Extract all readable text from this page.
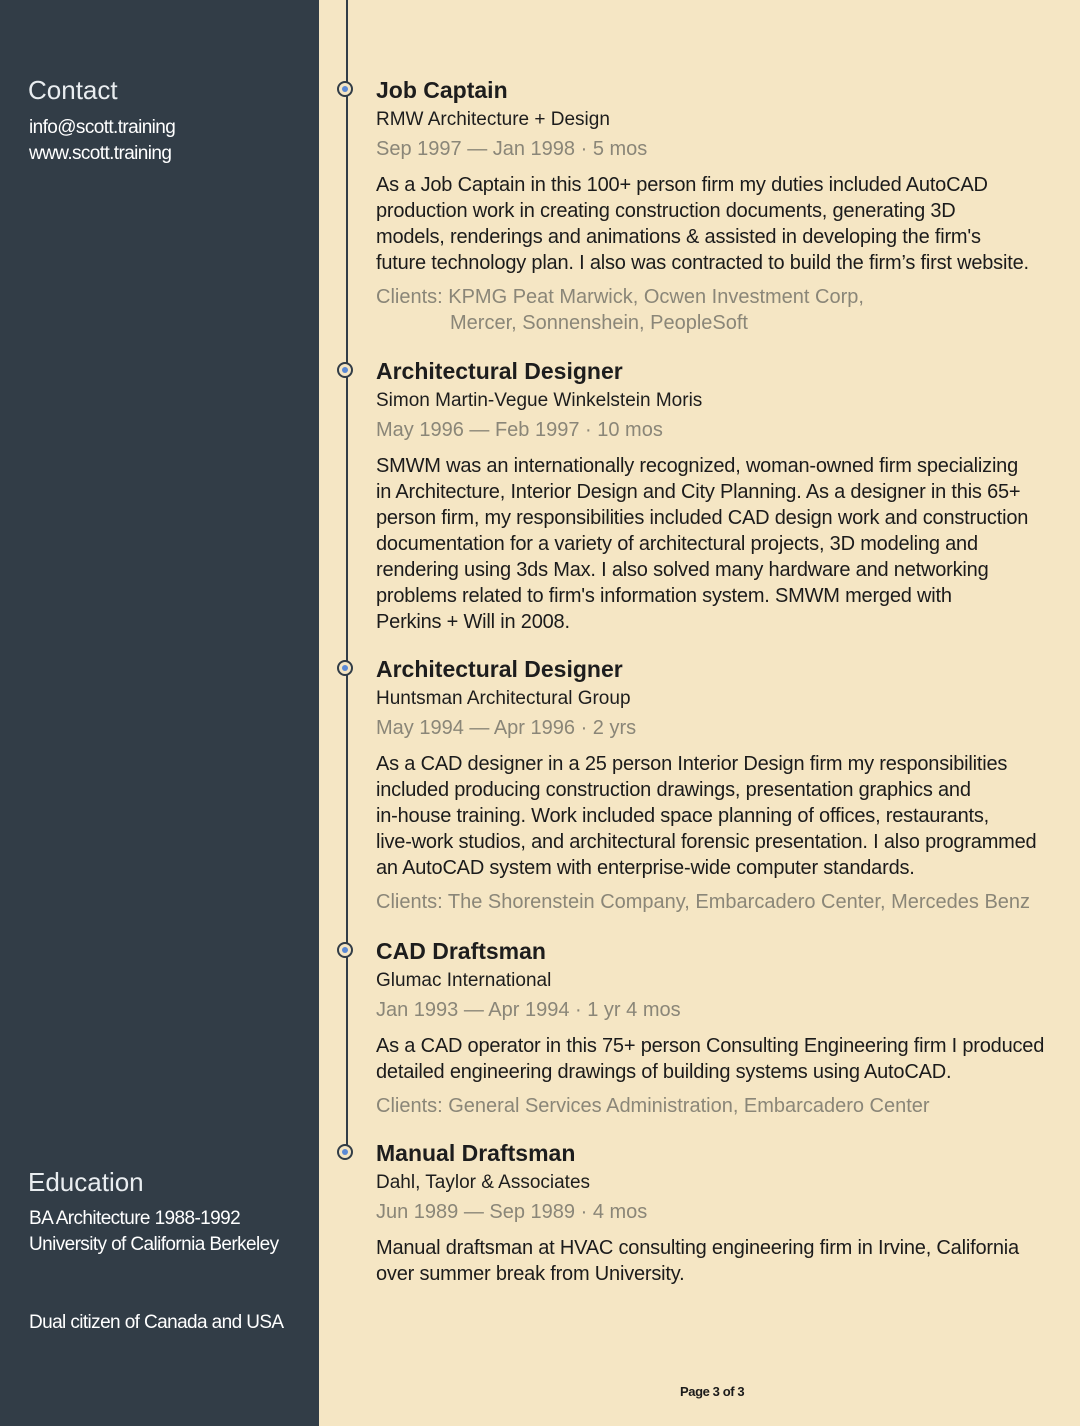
Contact
info@scott.training
www.scott.training
Education
BA Architecture 1988-1992
University of California Berkeley
Dual citizen of Canada and USA
Job Captain
RMW Architecture + Design
Sep 1997 — Jan 1998 · 5 mos
As a Job Captain in this 100+ person firm my duties included AutoCAD
production work in creating construction documents, generating 3D
models, renderings and animations & assisted in developing the firm's
future technology plan. I also was contracted to build the firm’s first website.
Clients: KPMG Peat Marwick, Ocwen Investment Corp,
Mercer, Sonnenshein, PeopleSoft
Architectural Designer
Simon Martin-Vegue Winkelstein Moris
May 1996 — Feb 1997 · 10 mos
SMWM was an internationally recognized, woman-owned firm specializing
in Architecture, Interior Design and City Planning. As a designer in this 65+
person firm, my responsibilities included CAD design work and construction
documentation for a variety of architectural projects, 3D modeling and
rendering using 3ds Max. I also solved many hardware and networking
problems related to firm's information system. SMWM merged with
Perkins + Will in 2008.
Architectural Designer
Huntsman Architectural Group
May 1994 — Apr 1996 · 2 yrs
As a CAD designer in a 25 person Interior Design firm my responsibilities
included producing construction drawings, presentation graphics and
in-house training. Work included space planning of offices, restaurants,
live-work studios, and architectural forensic presentation. I also programmed
an AutoCAD system with enterprise-wide computer standards.
Clients: The Shorenstein Company, Embarcadero Center, Mercedes Benz
CAD Draftsman
Glumac International
Jan 1993 — Apr 1994 · 1 yr 4 mos
As a CAD operator in this 75+ person Consulting Engineering firm I produced
detailed engineering drawings of building systems using AutoCAD.
Clients: General Services Administration, Embarcadero Center
Manual Draftsman
Dahl, Taylor & Associates
Jun 1989 — Sep 1989 · 4 mos
Manual draftsman at HVAC consulting engineering firm in Irvine, California
over summer break from University.
Page 3 of 3
